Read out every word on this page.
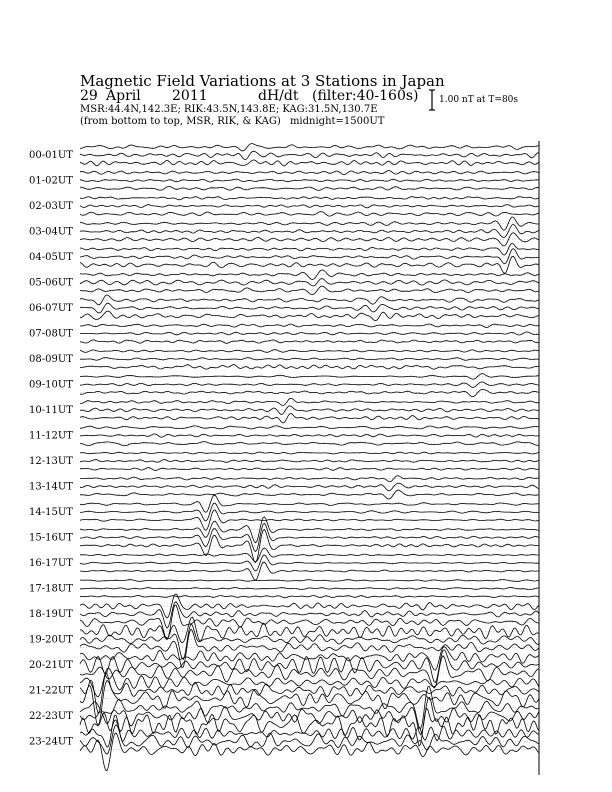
Magnetic Field Variations at 3 Stations in Japan
29 April 2011	dH/dt (filter:40-160s)
MSR:44.4N,142.3E; RIK:43.5N,143.8E; KAG:31.5N,130.7E
(from bottom to top, MSR, RIK, & KAG) midnight=1500UT
1.00 nT at T=80s
00-01UT
01-02UT
02-03UT
03-04UT
04-05UT
05-06UT
06-07UT
07-08UT
08-09UT
09-10UT
10-11UT
11-12UT
12-13UT
13-14UT
14-15UT
15-16UT
16-17UT
17-18UT
18-19UT
19-20UT
20-21UT
21-22UT
22-23UT
23-24UT
